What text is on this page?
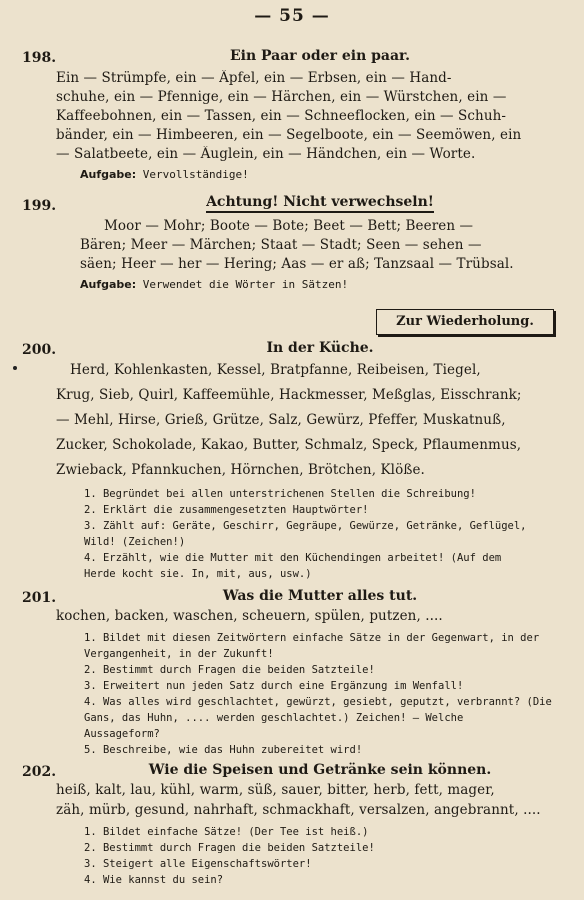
— 55 —
198.	Ein Paar oder ein paar.
Ein — Strümpfe, ein — Äpfel, ein — Erbsen, ein — Hand-
schuhe, ein — Pfennige, ein — Härchen, ein — Würstchen, ein —
Kaffeebohnen, ein — Tassen, ein — Schneeflocken, ein — Schuh-
bänder, ein — Himbeeren, ein — Segelboote, ein — Seemöwen, ein
— Salatbeete, ein — Äuglein, ein — Händchen, ein — Worte.
Aufgabe: Vervollständige!
199.	Achtung! Nicht verwechseln!
Moor — Mohr; Boote — Bote; Beet — Bett; Beeren —
Bären; Meer — Märchen; Staat — Stadt; Seen — sehen —
säen; Heer — her — Hering; Aas — er aß; Tanzsaal — Trübsal.
Aufgabe: Verwendet die Wörter in Sätzen!
Zur Wiederholung.
200.	In der Küche.
Herd, Kohlenkasten, Kessel, Bratpfanne, Reibeisen, Tiegel,
Krug, Sieb, Quirl, Kaffeemühle, Hackmesser, Meßglas, Eisschrank;
— Mehl, Hirse, Grieß, Grütze, Salz, Gewürz, Pfeffer, Muskatnuß,
Zucker, Schokolade, Kakao, Butter, Schmalz, Speck, Pflaumenmus,
Zwieback, Pfannkuchen, Hörnchen, Brötchen, Klöße.
1. Begründet bei allen unterstrichenen Stellen die Schreibung!
2. Erklärt die zusammengesetzten Hauptwörter!
3. Zählt auf: Geräte, Geschirr, Gegräupe, Gewürze, Getränke, Geflügel,
Wild! (Zeichen!)
4. Erzählt, wie die Mutter mit den Küchendingen arbeitet! (Auf dem
Herde kocht sie. In, mit, aus, usw.)
201.	Was die Mutter alles tut.
kochen, backen, waschen, scheuern, spülen, putzen, ....
1. Bildet mit diesen Zeitwörtern einfache Sätze in der Gegenwart, in der
Vergangenheit, in der Zukunft!
2. Bestimmt durch Fragen die beiden Satzteile!
3. Erweitert nun jeden Satz durch eine Ergänzung im Wenfall!
4. Was alles wird geschlachtet, gewürzt, gesiebt, geputzt, verbrannt? (Die
Gans, das Huhn, .... werden geschlachtet.) Zeichen! — Welche
Aussageform?
5. Beschreibe, wie das Huhn zubereitet wird!
202.	Wie die Speisen und Getränke sein können.
heiß, kalt, lau, kühl, warm, süß, sauer, bitter, herb, fett, mager,
zäh, mürb, gesund, nahrhaft, schmackhaft, versalzen, angebrannt, ....
1. Bildet einfache Sätze! (Der Tee ist heiß.)
2. Bestimmt durch Fragen die beiden Satzteile!
3. Steigert alle Eigenschaftswörter!
4. Wie kannst du sein?
